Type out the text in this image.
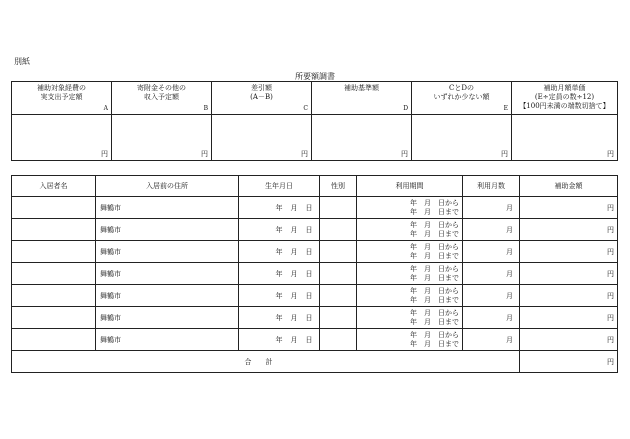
別紙
所要額調書
補助対象経費の
実支出予定額
A	寄附金その他の
収入予定額
B	差引額
(A－B)
C	補助基準額
D	CとDの
いずれか少ない額
E	補助月額単価
(E÷定員の数÷12)
【100円未満の端数切捨て】

円	円	円	円	円	円
入居者名	入居前の住所	生年月日	性別	利用期間	利用月数	補助金額
	舞鶴市	年　月　日		年　月　日から
年　月　日まで	月	円
	舞鶴市	年　月　日		年　月　日から
年　月　日まで	月	円
	舞鶴市	年　月　日		年　月　日から
年　月　日まで	月	円
	舞鶴市	年　月　日		年　月　日から
年　月　日まで	月	円
	舞鶴市	年　月　日		年　月　日から
年　月　日まで	月	円
	舞鶴市	年　月　日		年　月　日から
年　月　日まで	月	円
	舞鶴市	年　月　日		年　月　日から
年　月　日まで	月	円
合計						円
